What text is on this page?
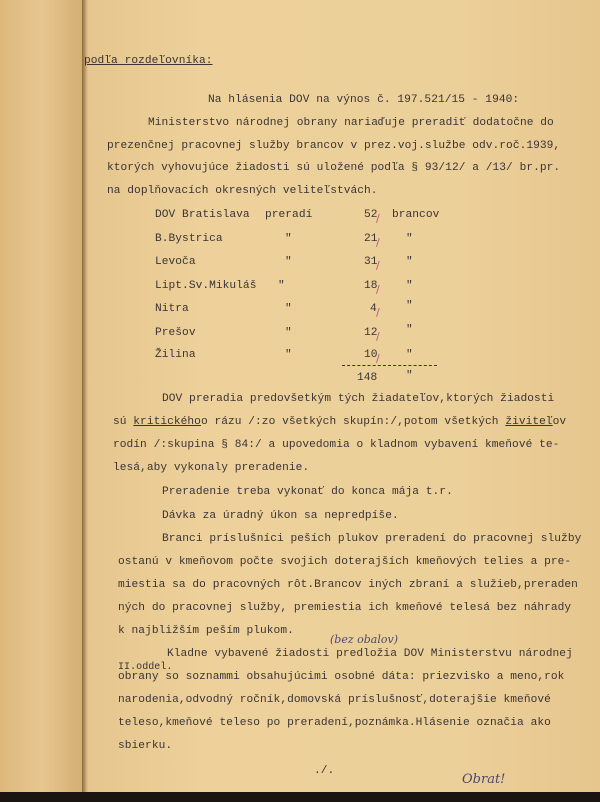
podľa rozdeľovníka:
Na hlásenia DOV na výnos č. 197.521/15 - 1940:
Ministerstvo národnej obrany nariaďuje preradiť dodatočne do
prezenčnej pracovnej služby brancov v prez.voj.službe odv.roč.1939,
ktorých vyhovujúce žiadosti sú uložené podľa § 93/12/ a /13/ br.pr.
na doplňovacích okresných veliteľstvách.
DOV Bratislava preradí	52 brancov
B.Bystrica	"	21	"
Levoča	"	31	"
Lipt.Sv.Mikuláš "	18	"
Nitra	"	4	"
Prešov	"	12	"
Žilina	"	10	"
148	"
/
/
/
/
/
/
/
DOV preradia predovšetkým tých žiadateľov,ktorých žiadosti
sú kritickéhoo rázu /:zo všetkých skupín:/,potom všetkých živiteľov
rodín /:skupina § 84:/ a upovedomia o kladnom vybavení kmeňové te-
lesá,aby vykonaly preradenie.
Preradenie treba vykonať do konca mája t.r.
Dávka za úradný úkon sa nepredpíše.
Branci príslušníci peších plukov preradení do pracovnej služby
ostanú v kmeňovom počte svojich doterajších kmeňových telies a pre-
miestia sa do pracovných rôt.Brancov iných zbraní a služieb,preraden
ných do pracovnej služby, premiestia ich kmeňové telesá bez náhrady
k najbližším peším plukom.
(bez obalov)
Kladne vybavené žiadosti predložia DOV Ministerstvu národnej
II.oddel.
obrany so soznammi obsahujúcimi osobné dáta: priezvisko a meno,rok
narodenia,odvodný ročník,domovská príslušnosť,doterajšie kmeňové
teleso,kmeňové teleso po preradení,poznámka.Hlásenie označia ako
sbierku.
./.
Obrat!
